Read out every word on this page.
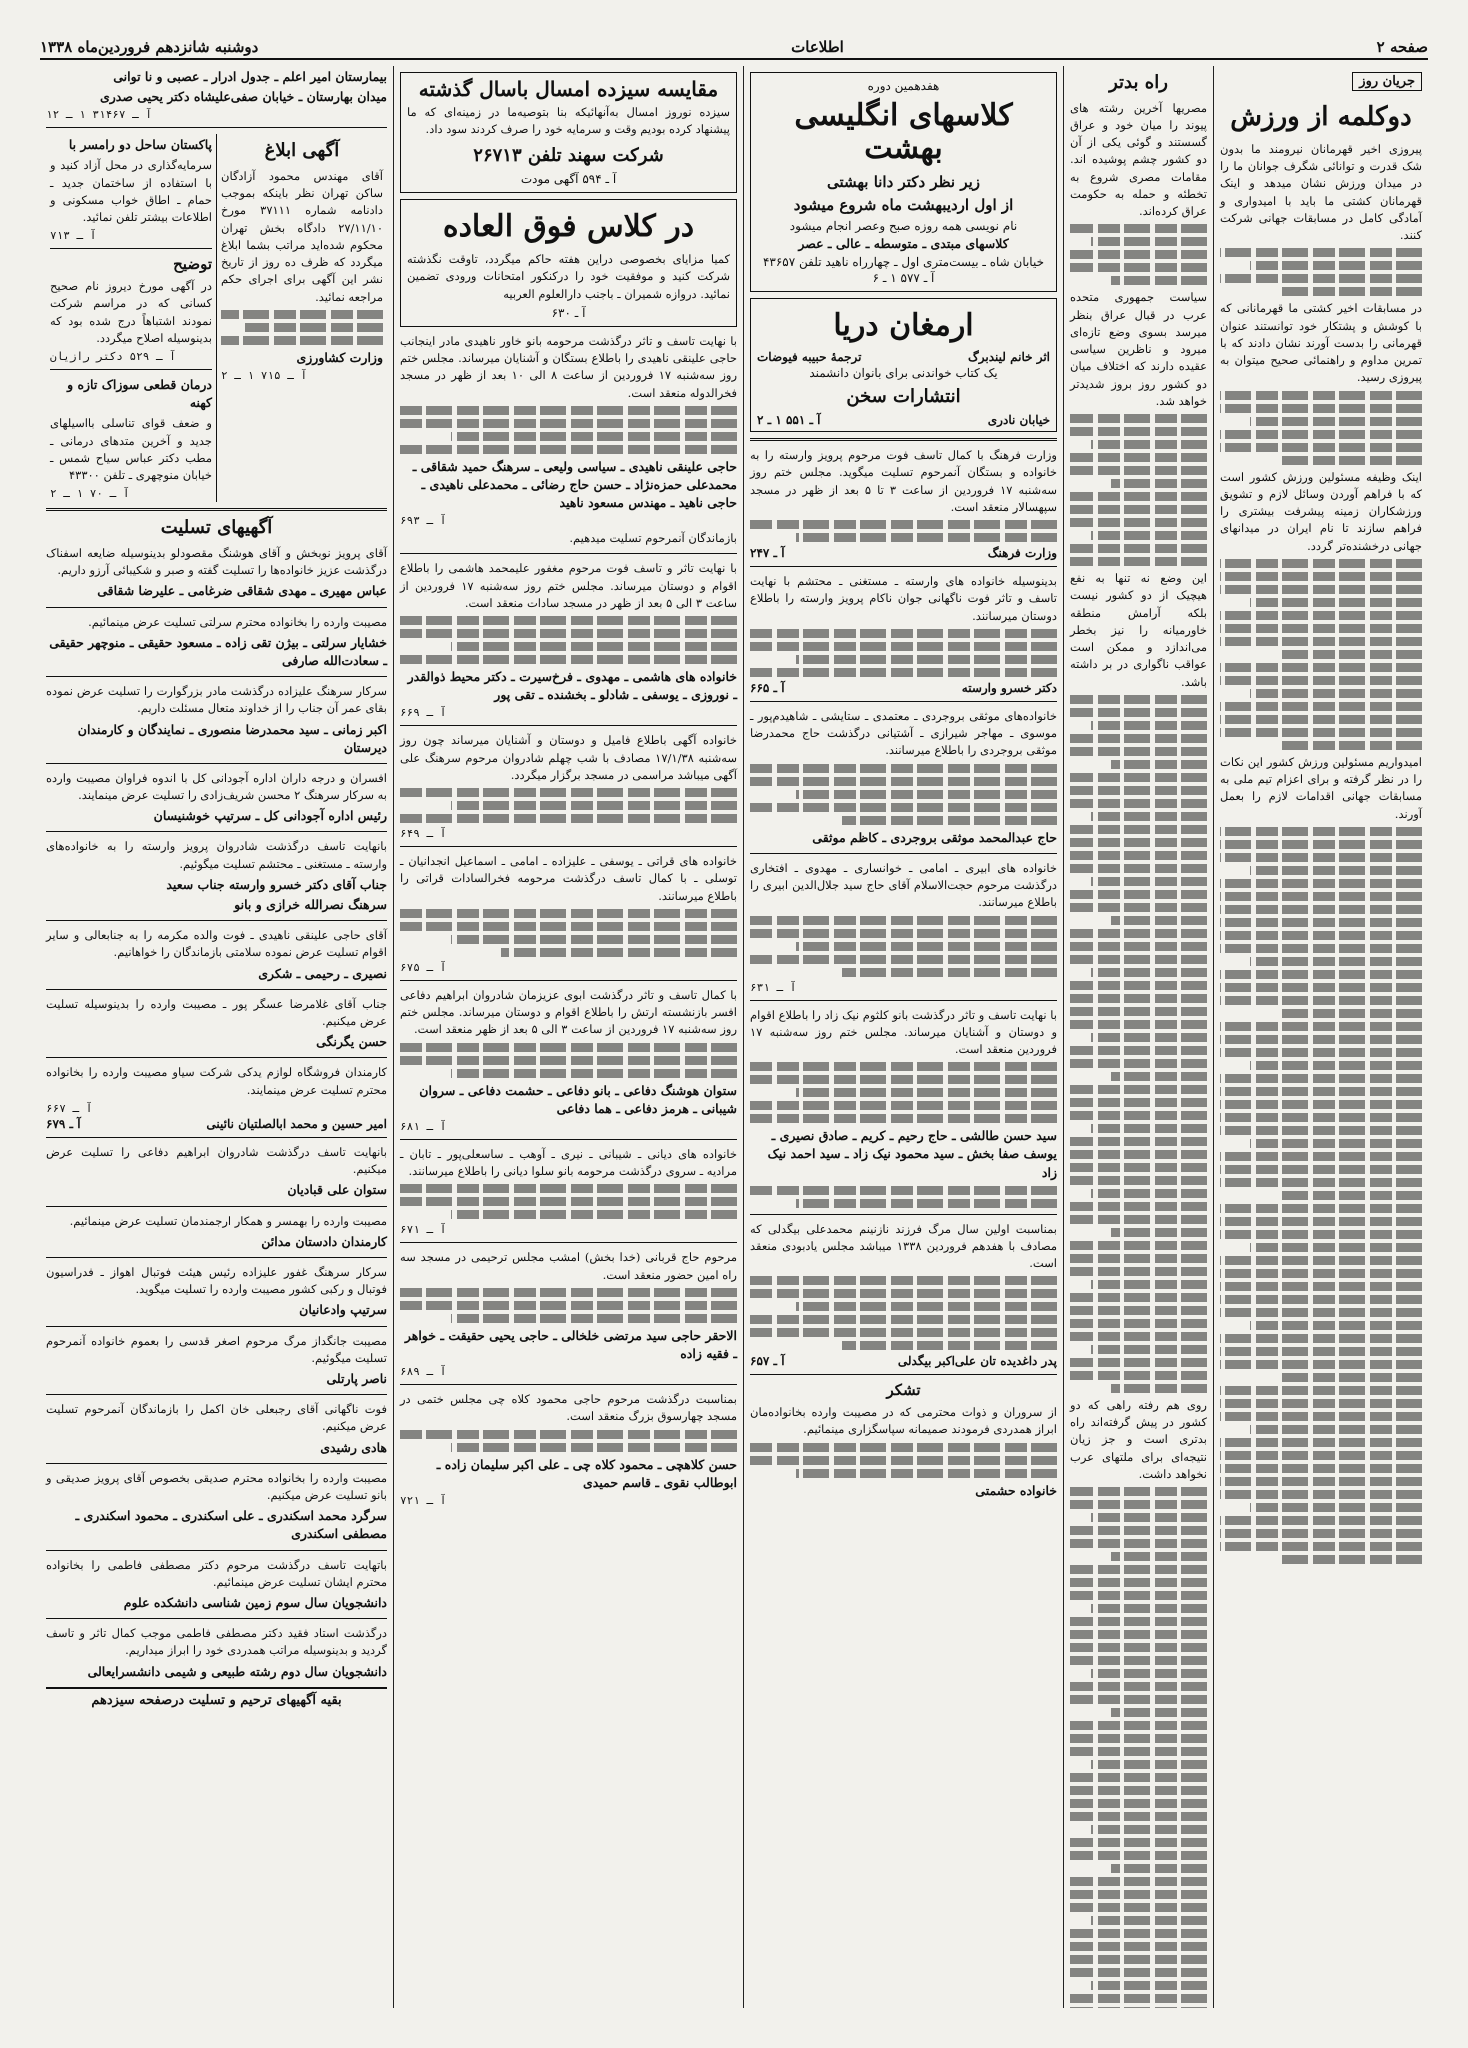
صفحه ۲
اطلاعات
دوشنبه شانزدهم فروردین‌ماه ۱۳۳۸
جریان روز
دوکلمه از ورزش

پیروزی اخیر قهرمانان نیرومند ما بدون شک قدرت و توانائی شگرف جوانان ما را در میدان ورزش نشان میدهد و اینک قهرمانان کشتی ما باید با امیدواری و آمادگی کامل در مسابقات جهانی شرکت کنند.

در مسابقات اخیر کشتی ما قهرمانانی که با کوشش و پشتکار خود توانستند عنوان قهرمانی را بدست آورند نشان دادند که با تمرین مداوم و راهنمائی صحیح میتوان به پیروزی رسید.

اینک وظیفه مسئولین ورزش کشور است که با فراهم آوردن وسائل لازم و تشویق ورزشکاران زمینه پیشرفت بیشتری را فراهم سازند تا نام ایران در میدانهای جهانی درخشنده‌تر گردد.

امیدواریم مسئولین ورزش کشور این نکات را در نظر گرفته و برای اعزام تیم ملی به مسابقات جهانی اقدامات لازم را بعمل آورند.

راه بدتر

مصریها آخرین رشته های پیوند را میان خود و عراق گسستند و گوئی یکی از آن دو کشور چشم پوشیده اند. مقامات مصری شروع به تخطئه و حمله به حکومت عراق کرده‌اند.

سیاست جمهوری متحده عرب در قبال عراق بنظر میرسد بسوی وضع تازه‌ای میرود و ناظرین سیاسی عقیده دارند که اختلاف میان دو کشور روز بروز شدیدتر خواهد شد.

این وضع نه تنها به نفع هیچیک از دو کشور نیست بلکه آرامش منطقه خاورمیانه را نیز بخطر می‌اندازد و ممکن است عواقب ناگواری در بر داشته باشد.

روی هم رفته راهی که دو کشور در پیش گرفته‌اند راه بدتری است و جز زیان نتیجه‌ای برای ملتهای عرب نخواهد داشت.

هفدهمین دوره
کلاسهای انگلیسی بهشت
زیر نظر دکتر دانا بهشتی
از اول اردیبهشت ماه شروع میشود
نام نویسی همه روزه صبح وعصر انجام میشود
کلاسهای مبتدی ـ متوسطه ـ عالی ـ عصر
خیابان شاه ـ بیست‌متری اول ـ چهارراه ناهید تلفن ۴۳۶۵۷
آ ـ ۵۷۷ ۱ ـ ۶
ارمغان دریا
اثر خانم لیندبرگ
ترجمهٔ حبیبه فیوضات
یک کتاب خواندنی برای بانوان دانشمند
انتشارات سخن
خیابان نادری
آ ـ ۵۵۱ ۱ ـ ۲

وزارت فرهنگ با کمال تاسف فوت مرحوم پرویز وارسته را به خانواده و بستگان آنمرحوم تسلیت میگوید. مجلس ختم روز سه‌شنبه ۱۷ فروردین از ساعت ۳ تا ۵ بعد از ظهر در مسجد سپهسالار منعقد است.

وزارت فرهنگ
آ ـ ۲۴۷

بدینوسیله خانواده های وارسته ـ مستغنی ـ محتشم با نهایت تاسف و تاثر فوت ناگهانی جوان ناکام پرویز وارسته را باطلاع دوستان میرسانند.

دکتر خسرو وارسته
آ ـ ۶۶۵

خانواده‌های موثقی بروجردی ـ معتمدی ـ ستایشی ـ شاهیدم‌پور ـ موسوی ـ مهاجر شیرازی ـ آشتیانی درگذشت حاج محمدرضا موثقی بروجردی را باطلاع میرسانند.

حاج عبدالمحمد موثقی بروجردی ـ کاظم موثقی

خانواده های ابیری ـ امامی ـ خوانساری ـ مهدوی ـ افتخاری درگذشت مرحوم حجت‌الاسلام آقای حاج سید جلال‌الدین ابیری را باطلاع میرسانند.

آ ـ ۶۳۱

با نهایت تاسف و تاثر درگذشت بانو کلثوم نیک زاد را باطلاع اقوام و دوستان و آشنایان میرساند. مجلس ختم روز سه‌شنبه ۱۷ فروردین منعقد است.

سید حسن طالشی ـ حاج رحیم ـ کریم ـ صادق نصیری ـ یوسف صفا بخش ـ سید محمود نیک زاد ـ سید احمد نیک زاد

بمناسبت اولین سال مرگ فرزند نازنینم محمدعلی بیگدلی که مصادف با هفدهم فروردین ۱۳۳۸ میباشد مجلس یادبودی منعقد است.

پدر داغدیده تان علی‌اکبر بیگدلی
آ ـ ۶۵۷
تشکر

از سروران و ذوات محترمی که در مصیبت وارده بخانواده‌مان ابراز همدردی فرمودند صمیمانه سپاسگزاری مینمائیم.

خانواده حشمتی
مقایسه سیزده امسال باسال گذشته

سیزده نوروز امسال به‌آنهائیکه بنا بتوصیه‌ما در زمینه‌ای که ما پیشنهاد کرده بودیم وقت و سرمایه خود را صرف کردند سود داد.

شرکت سهند تلفن ۲۶۷۱۳
آ ـ ۵۹۴ آگهی مودت
در کلاس فوق العاده

کمیا مزایای بخصوصی دراین هفته حاکم میگردد، تاوقت نگذشته شرکت کنید و موفقیت خود را درکنکور امتحانات ورودی تضمین نمائید. دروازه شمیران ـ باجنب دارالعلوم العربیه

آ ـ ۶۳۰

با نهایت تاسف و تاثر درگذشت مرحومه بانو خاور ناهیدی مادر اینجانب حاجی علینقی ناهیدی را باطلاع بستگان و آشنایان میرساند. مجلس ختم روز سه‌شنبه ۱۷ فروردین از ساعت ۸ الی ۱۰ بعد از ظهر در مسجد فخرالدوله منعقد است.

حاجی علینقی ناهیدی ـ سیاسی ولیعی ـ سرهنگ حمید شقاقی ـ محمدعلی حمزه‌نژاد ـ حسن حاج رضائی ـ محمدعلی ناهیدی ـ حاجی ناهید ـ مهندس مسعود ناهید
آ ـ ۶۹۳

بازماندگان آنمرحوم تسلیت میدهیم.

با نهایت تاثر و تاسف فوت مرحوم مغفور علیمحمد هاشمی را باطلاع اقوام و دوستان میرساند. مجلس ختم روز سه‌شنبه ۱۷ فروردین از ساعت ۳ الی ۵ بعد از ظهر در مسجد سادات منعقد است.

خانواده های هاشمی ـ مهدوی ـ فرخ‌سیرت ـ دکتر محیط ذوالقدر ـ نوروزی ـ یوسفی ـ شادلو ـ بخشنده ـ تقی پور
آ ـ ۶۶۹

خانواده آگهی باطلاع فامیل و دوستان و آشنایان میرساند چون روز سه‌شنبه ۱۷/۱/۳۸ مصادف با شب چهلم شادروان مرحوم سرهنگ علی آگهی میباشد مراسمی در مسجد برگزار میگردد.

آ ـ ۶۴۹

خانواده های قراتی ـ یوسفی ـ علیزاده ـ امامی ـ اسماعیل انجدانیان ـ توسلی ـ با کمال تاسف درگذشت مرحومه فخرالسادات قراتی را باطلاع میرسانند.

آ ـ ۶۷۵

با کمال تاسف و تاثر درگذشت ابوی عزیزمان شادروان ابراهیم دفاعی افسر بازنشسته ارتش را باطلاع اقوام و دوستان میرساند. مجلس ختم روز سه‌شنبه ۱۷ فروردین از ساعت ۳ الی ۵ بعد از ظهر منعقد است.

ستوان هوشنگ دفاعی ـ بانو دفاعی ـ حشمت دفاعی ـ سروان شیبانی ـ هرمز دفاعی ـ هما دفاعی
آ ـ ۶۸۱

خانواده های دیانی ـ شیبانی ـ نیری ـ آوهب ـ ساسعلی‌پور ـ تابان ـ مرادیه ـ سروی درگذشت مرحومه بانو سلوا دیانی را باطلاع میرسانند.

آ ـ ۶۷۱

مرحوم حاج قربانی (خدا بخش) امشب مجلس ترحیمی در مسجد سه راه امین حضور منعقد است.

الاحقر حاجی سید مرتضی خلخالی ـ حاجی یحیی حقیقت ـ خواهر ـ فقیه زاده
آ ـ ۶۸۹

بمناسبت درگذشت مرحوم حاجی محمود کلاه چی مجلس ختمی در مسجد چهارسوق بزرگ منعقد است.

حسن کلاهچی ـ محمود کلاه چی ـ علی اکبر سلیمان زاده ـ ابوطالب نقوی ـ قاسم حمیدی
آ ـ ۷۲۱
بیمارستان امیر اعلم ـ جدول ادرار ـ عصبی و نا توانی
میدان بهارستان ـ خیابان صفی‌علیشاه دکتر یحیی صدری
آ ـ ۳۱۴۶۷ ۱ ـ ۱۲
آگهی ابلاغ

آقای مهندس محمود آزادگان ساکن تهران نظر باینکه بموجب دادنامه شماره ۳۷۱۱۱ مورخ ۲۷/۱۱/۱۰ دادگاه بخش تهران محکوم شده‌اید مراتب بشما ابلاغ میگردد که ظرف ده روز از تاریخ نشر این آگهی برای اجرای حکم مراجعه نمائید.

وزارت کشاورزی
آ ـ ۷۱۵ ۱ ـ ۲
پاکستان ساحل دو رامسر با

سرمایه‌گذاری در محل آزاد کنید و با استفاده از ساختمان جدید ـ حمام ـ اطاق خواب مسکونی و اطلاعات بیشتر تلفن نمائید.

آ ـ ۷۱۳
توضیح

در آگهی مورخ دیروز نام صحیح کسانی که در مراسم شرکت نمودند اشتباهاً درج شده بود که بدینوسیله اصلاح میگردد.

آ ـ ۵۲۹ دکتر رازیان
درمان قطعی سوزاک تازه و کهنه

و ضعف قوای تناسلی بااسیلهای جدید و آخرین متدهای درمانی ـ مطب دکتر عباس سیاح شمس ـ خیابان منوچهری ـ تلفن ۴۳۳۰۰

آ ـ ۷۰ ۱ ـ ۲
آگهیهای تسلیت

آقای پرویز نوبخش و آقای هوشنگ مقصودلو بدینوسیله ضایعه اسفناک درگذشت عزیز خانواده‌ها را تسلیت گفته و صبر و شکیبائی آرزو داریم.

عباس مهیری ـ مهدی شقاقی ضرغامی ـ علیرضا شقاقی

مصیبت وارده را بخانواده محترم سرلتی تسلیت عرض مینمائیم.

خشایار سرلتی ـ بیژن تقی زاده ـ مسعود حقیقی ـ منوچهر حقیقی ـ سعادت‌الله صارفی

سرکار سرهنگ علیزاده درگذشت مادر بزرگوارت را تسلیت عرض نموده بقای عمر آن جناب را از خداوند متعال مسئلت داریم.

اکبر زمانی ـ سید محمدرضا منصوری ـ نمایندگان و کارمندان دیرستان

افسران و درجه داران اداره آجودانی کل با اندوه فراوان مصیبت وارده به سرکار سرهنگ ۲ محسن شریف‌زادی را تسلیت عرض مینمایند.

رئیس اداره آجودانی کل ـ سرتیپ خوشنیسان

بانهایت تاسف درگذشت شادروان پرویز وارسته را به خانواده‌های وارسته ـ مستغنی ـ محتشم تسلیت میگوئیم.

جناب آقای دکتر خسرو وارسته جناب سعید
سرهنگ نصرالله خرازی و بانو

آقای حاجی علینقی ناهیدی ـ فوت والده مکرمه را به جنابعالی و سایر اقوام تسلیت عرض نموده سلامتی بازماندگان را خواهانیم.

نصیری ـ رحیمی ـ شکری

جناب آقای غلامرضا عسگر پور ـ مصیبت وارده را بدینوسیله تسلیت عرض میکنیم.

حسن یگرنگی

کارمندان فروشگاه لوازم یدکی شرکت سیاو مصیبت وارده را بخانواده محترم تسلیت عرض مینمایند.

آ ـ ۶۶۷
امیر حسین و محمد ابالصلتیان نائینی
آ ـ ۶۷۹

بانهایت تاسف درگذشت شادروان ابراهیم دفاعی را تسلیت عرض میکنیم.

ستوان علی قبادیان

مصیبت وارده را بهمسر و همکار ارجمندمان تسلیت عرض مینمائیم.

کارمندان دادستان مدائن

سرکار سرهنگ غفور علیزاده رئیس هیئت فوتبال اهواز ـ فدراسیون فوتبال و رکبی کشور مصیبت وارده را تسلیت میگوید.

سرتیپ وادعانیان

مصیبت جانگداز مرگ مرحوم اصغر قدسی را بعموم خانواده آنمرحوم تسلیت میگوئیم.

ناصر پارتلی

فوت ناگهانی آقای رجبعلی خان اکمل را بازماندگان آنمرحوم تسلیت عرض میکنیم.

هادی رشیدی

مصیبت وارده را بخانواده محترم صدیقی بخصوص آقای پرویز صدیقی و بانو تسلیت عرض میکنیم.

سرگرد محمد اسکندری ـ علی اسکندری ـ محمود اسکندری ـ مصطفی اسکندری

باتهایت تاسف درگذشت مرحوم دکتر مصطفی فاطمی را بخانواده محترم ایشان تسلیت عرض مینمائیم.

دانشجویان سال سوم زمین شناسی دانشکده علوم

درگذشت استاد فقید دکتر مصطفی فاطمی موجب کمال تاثر و تاسف گردید و بدینوسیله مراتب همدردی خود را ابراز میداریم.

دانشجویان سال دوم رشته طبیعی و شیمی دانشسرایعالی
بقیه آگهیهای ترحیم و تسلیت درصفحه سیزدهم
